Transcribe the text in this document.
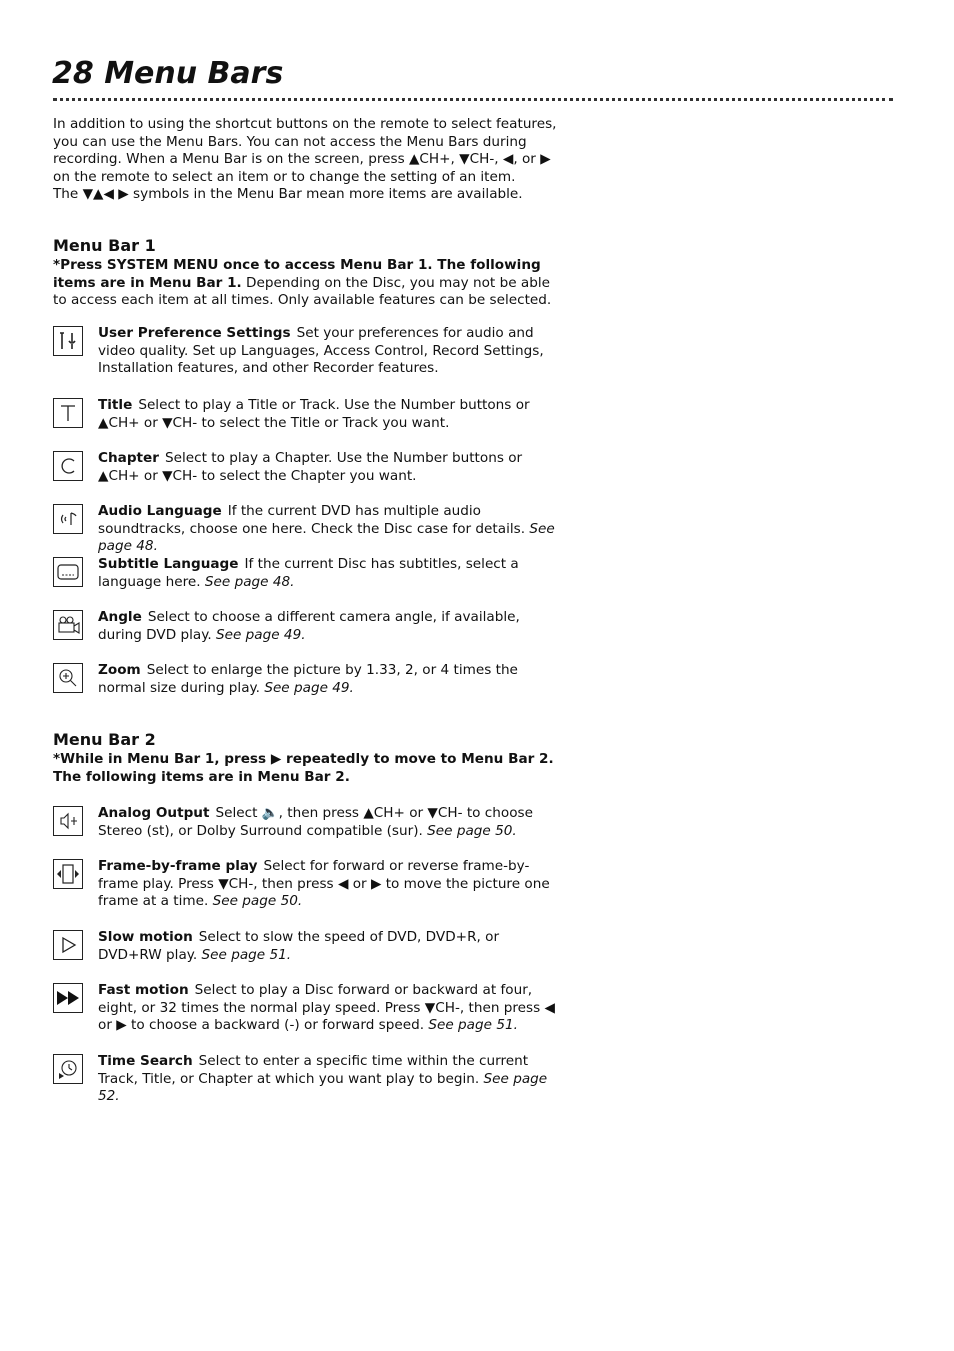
28 Menu Bars

In addition to using the shortcut buttons on the remote to select features, you can use the Menu Bars. You can not access the Menu Bars during recording. When a Menu Bar is on the screen, press ▲CH+, ▼CH-, ◀, or ▶ on the remote to select an item or to change the setting of an item.
The ▼▲◀ ▶ symbols in the Menu Bar mean more items are available.

Menu Bar 1

*Press SYSTEM MENU once to access Menu Bar 1. The following items are in Menu Bar 1. Depending on the Disc, you may not be able to access each item at all times. Only available features can be selected.

User Preference Settings Set your preferences for audio and video quality. Set up Languages, Access Control, Record Settings, Installation features, and other Recorder features.

Title Select to play a Title or Track. Use the Number buttons or ▲CH+ or ▼CH- to select the Title or Track you want.

Chapter Select to play a Chapter. Use the Number buttons or ▲CH+ or ▼CH- to select the Chapter you want.

Audio Language If the current DVD has multiple audio soundtracks, choose one here. Check the Disc case for details. See page 48.

Subtitle Language If the current Disc has subtitles, select a language here. See page 48.

Angle Select to choose a different camera angle, if available, during DVD play. See page 49.

Zoom Select to enlarge the picture by 1.33, 2, or 4 times the normal size during play. See page 49.

Menu Bar 2

*While in Menu Bar 1, press ▶ repeatedly to move to Menu Bar 2. The following items are in Menu Bar 2.

Analog Output Select 🔈, then press ▲CH+ or ▼CH- to choose Stereo (st), or Dolby Surround compatible (sur). See page 50.

Frame-by-frame play Select for forward or reverse frame-by-frame play. Press ▼CH-, then press ◀ or ▶ to move the picture one frame at a time. See page 50.

Slow motion Select to slow the speed of DVD, DVD+R, or DVD+RW play. See page 51.

Fast motion Select to play a Disc forward or backward at four, eight, or 32 times the normal play speed. Press ▼CH-, then press ◀ or ▶ to choose a backward (-) or forward speed. See page 51.

Time Search Select to enter a specific time within the current Track, Title, or Chapter at which you want play to begin. See page 52.
